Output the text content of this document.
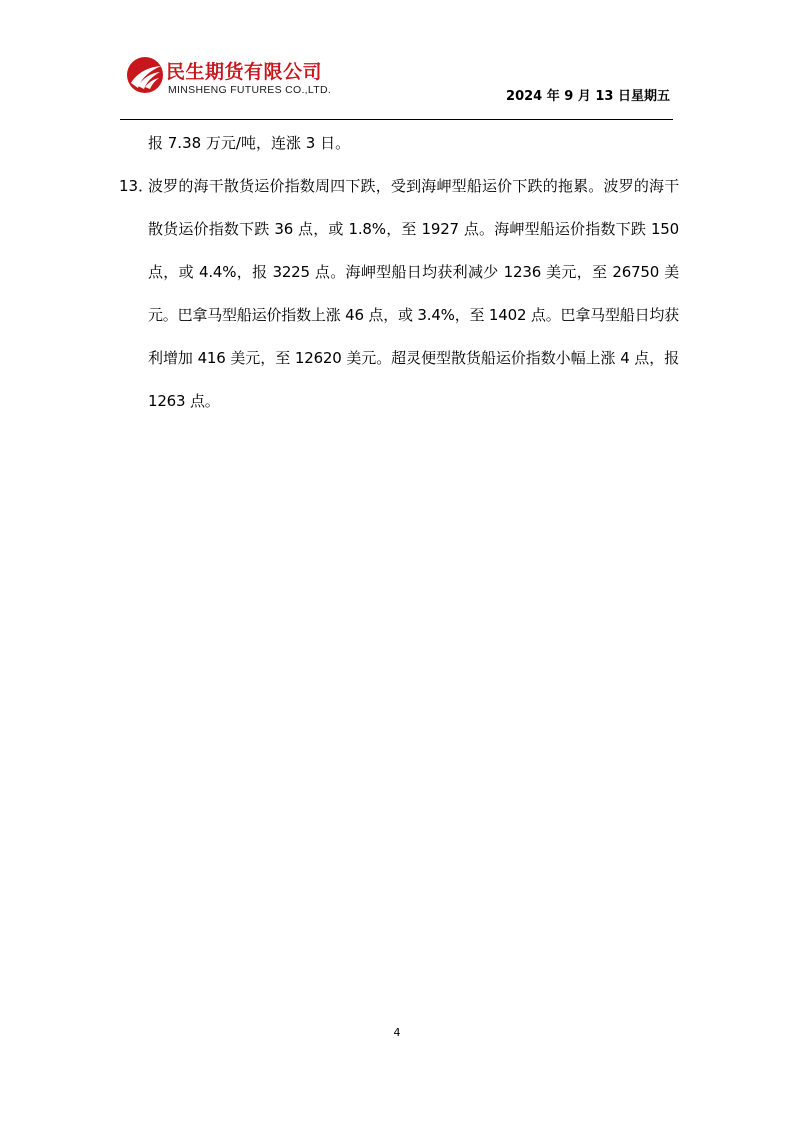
民生期货有限公司
MINSHENG FUTURES CO.,LTD.	2024 年 9 月 13 日星期五
报 7.38 万元/吨，连涨 3 日。
13．
波罗的海干散货运价指数周四下跌，受到海岬型船运价下跌的拖累。波罗的海干散货运价指数下跌 36 点，或 1.8%，至 1927 点。海岬型船运价指数下跌 150 点，或 4.4%，报 3225 点。海岬型船日均获利减少 1236 美元，至 26750 美元。巴拿马型船运价指数上涨 46 点，或 3.4%，至 1402 点。巴拿马型船日均获利增加 416 美元，至 12620 美元。超灵便型散货船运价指数小幅上涨 4 点，报 1263 点。
4
